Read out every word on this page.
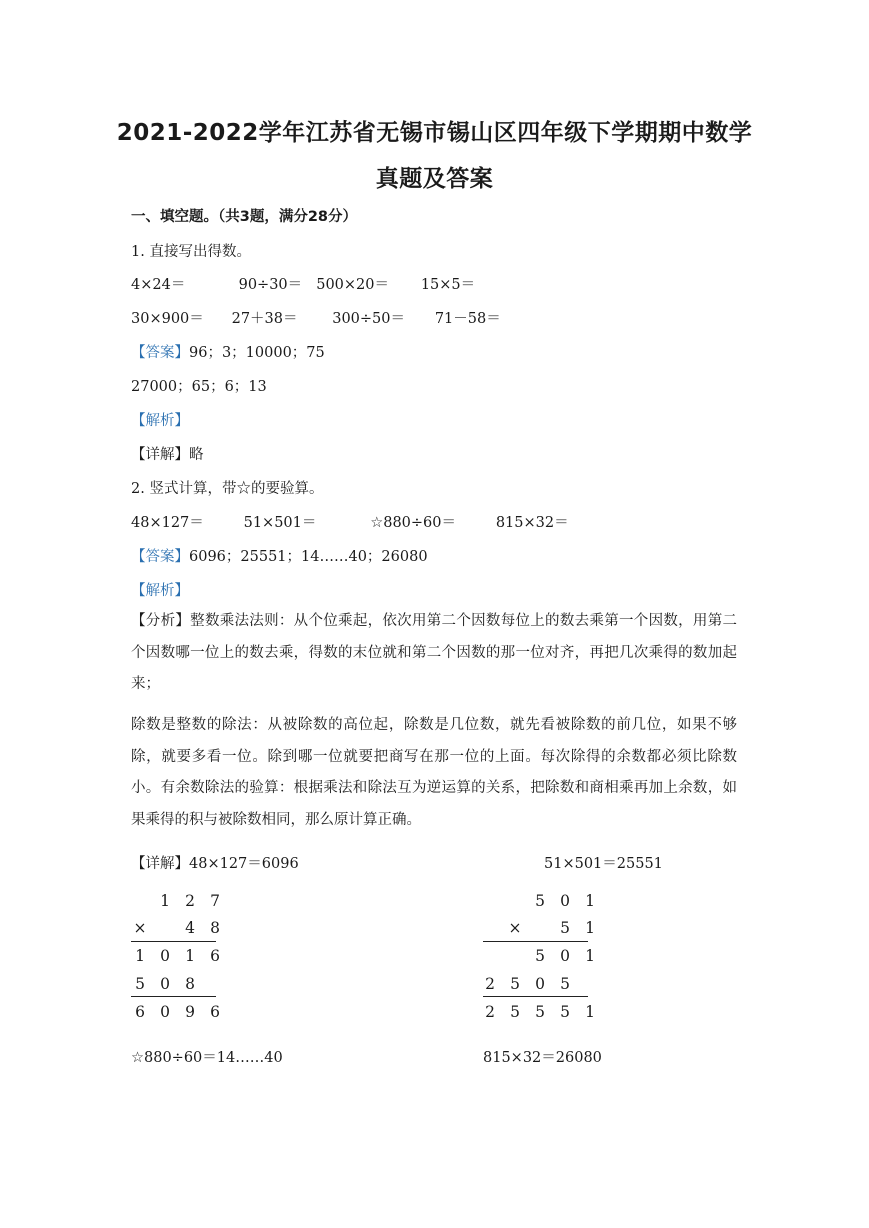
2021-2022学年江苏省无锡市锡山区四年级下学期期中数学
真题及答案
一、填空题。（共3题，满分28分）
1. 直接写出得数。
4×24＝	90÷30＝ 500×20＝ 15×5＝
30×900＝ 27＋38＝ 300÷50＝ 71－58＝
【答案】96；3；10000；75
27000；65；6；13
【解析】
【详解】略
2. 竖式计算，带☆的要验算。
48×127＝	51×501＝	☆880÷60＝	815×32＝
【答案】6096；25551；14……40；26080
【解析】
【分析】整数乘法法则：从个位乘起，依次用第二个因数每位上的数去乘第一个因数，用第二个因数哪一位上的数去乘，得数的末位就和第二个因数的那一位对齐，再把几次乘得的数加起来；
除数是整数的除法：从被除数的高位起，除数是几位数，就先看被除数的前几位，如果不够除，就要多看一位。除到哪一位就要把商写在那一位的上面。每次除得的余数都必须比除数小。有余数除法的验算：根据乘法和除法互为逆运算的关系，把除数和商相乘再加上余数，如果乘得的积与被除数相同，那么原计算正确。
【详解】48×127＝6096	51×501＝25551
1 2 7
× 4 8
1 0 1 6
5 0 8
6 0 9 6
5 0 1
× 5 1
5 0 1
2 5 0 5
2 5 5 5 1
☆880÷60＝14……40	815×32＝26080
